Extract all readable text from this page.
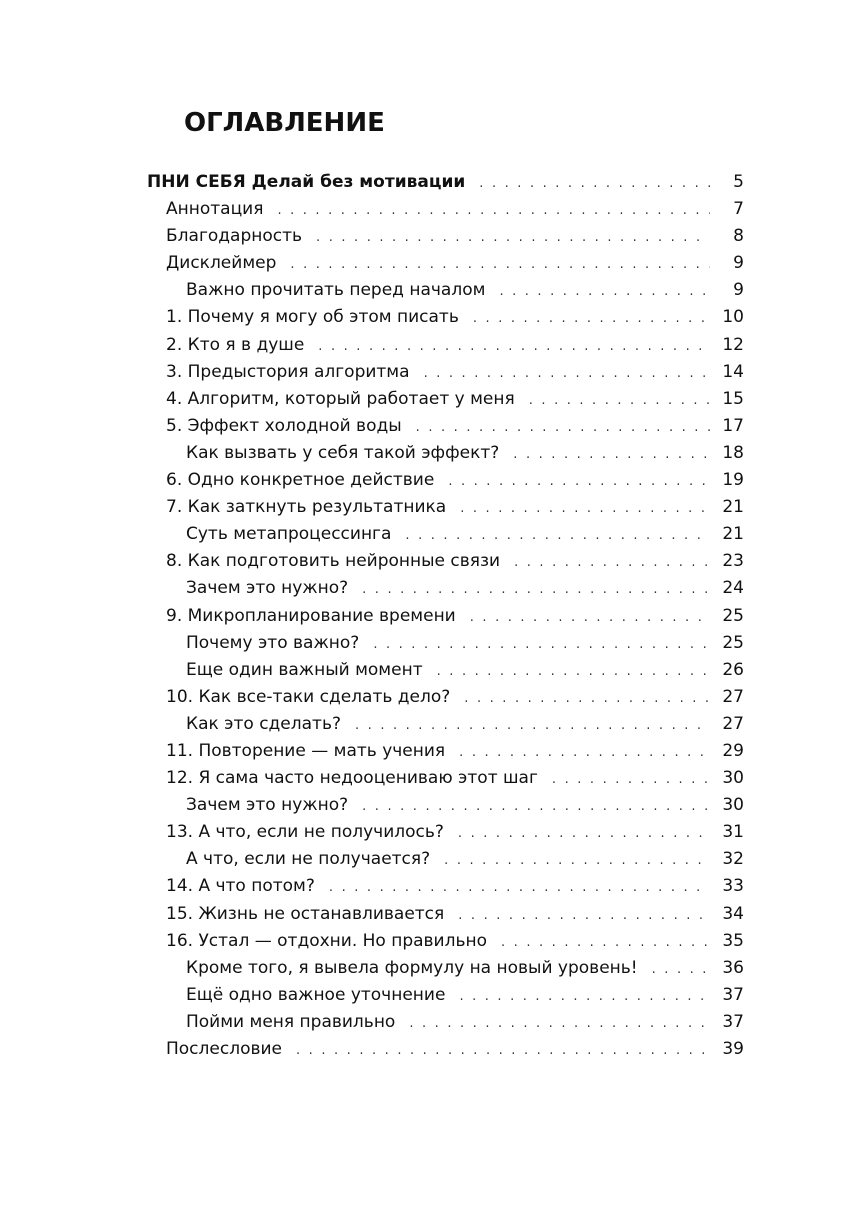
ОГЛАВЛЕНИЕ
ПНИ СЕБЯ Делай без мотивации . . .	5
Аннотация . . .	7
Благодарность . . .	8
Дисклеймер . . .	9
Важно прочитать перед началом . . .	9
1. Почему я могу об этом писать . . .	10
2. Кто я в душе . . .	12
3. Предыстория алгоритма . . .	14
4. Алгоритм, который работает у меня . . .	15
5. Эффект холодной воды . . .	17
Как вызвать у себя такой эффект? . . .	18
6. Одно конкретное действие . . .	19
7. Как заткнуть результатника . . .	21
Суть метапроцессинга . . .	21
8. Как подготовить нейронные связи . . .	23
Зачем это нужно? . . .	24
9. Микропланирование времени . . .	25
Почему это важно? . . .	25
Еще один важный момент . . .	26
10. Как все-таки сделать дело? . . .	27
Как это сделать? . . .	27
11. Повторение — мать учения . . .	29
12. Я сама часто недооцениваю этот шаг . . .	30
Зачем это нужно? . . .	30
13. А что, если не получилось? . . .	31
А что, если не получается? . . .	32
14. А что потом? . . .	33
15. Жизнь не останавливается . . .	34
16. Устал — отдохни. Но правильно . . .	35
Кроме того, я вывела формулу на новый уровень! . . .	36
Ещё одно важное уточнение . . .	37
Пойми меня правильно . . .	37
Послесловие . . .	39
